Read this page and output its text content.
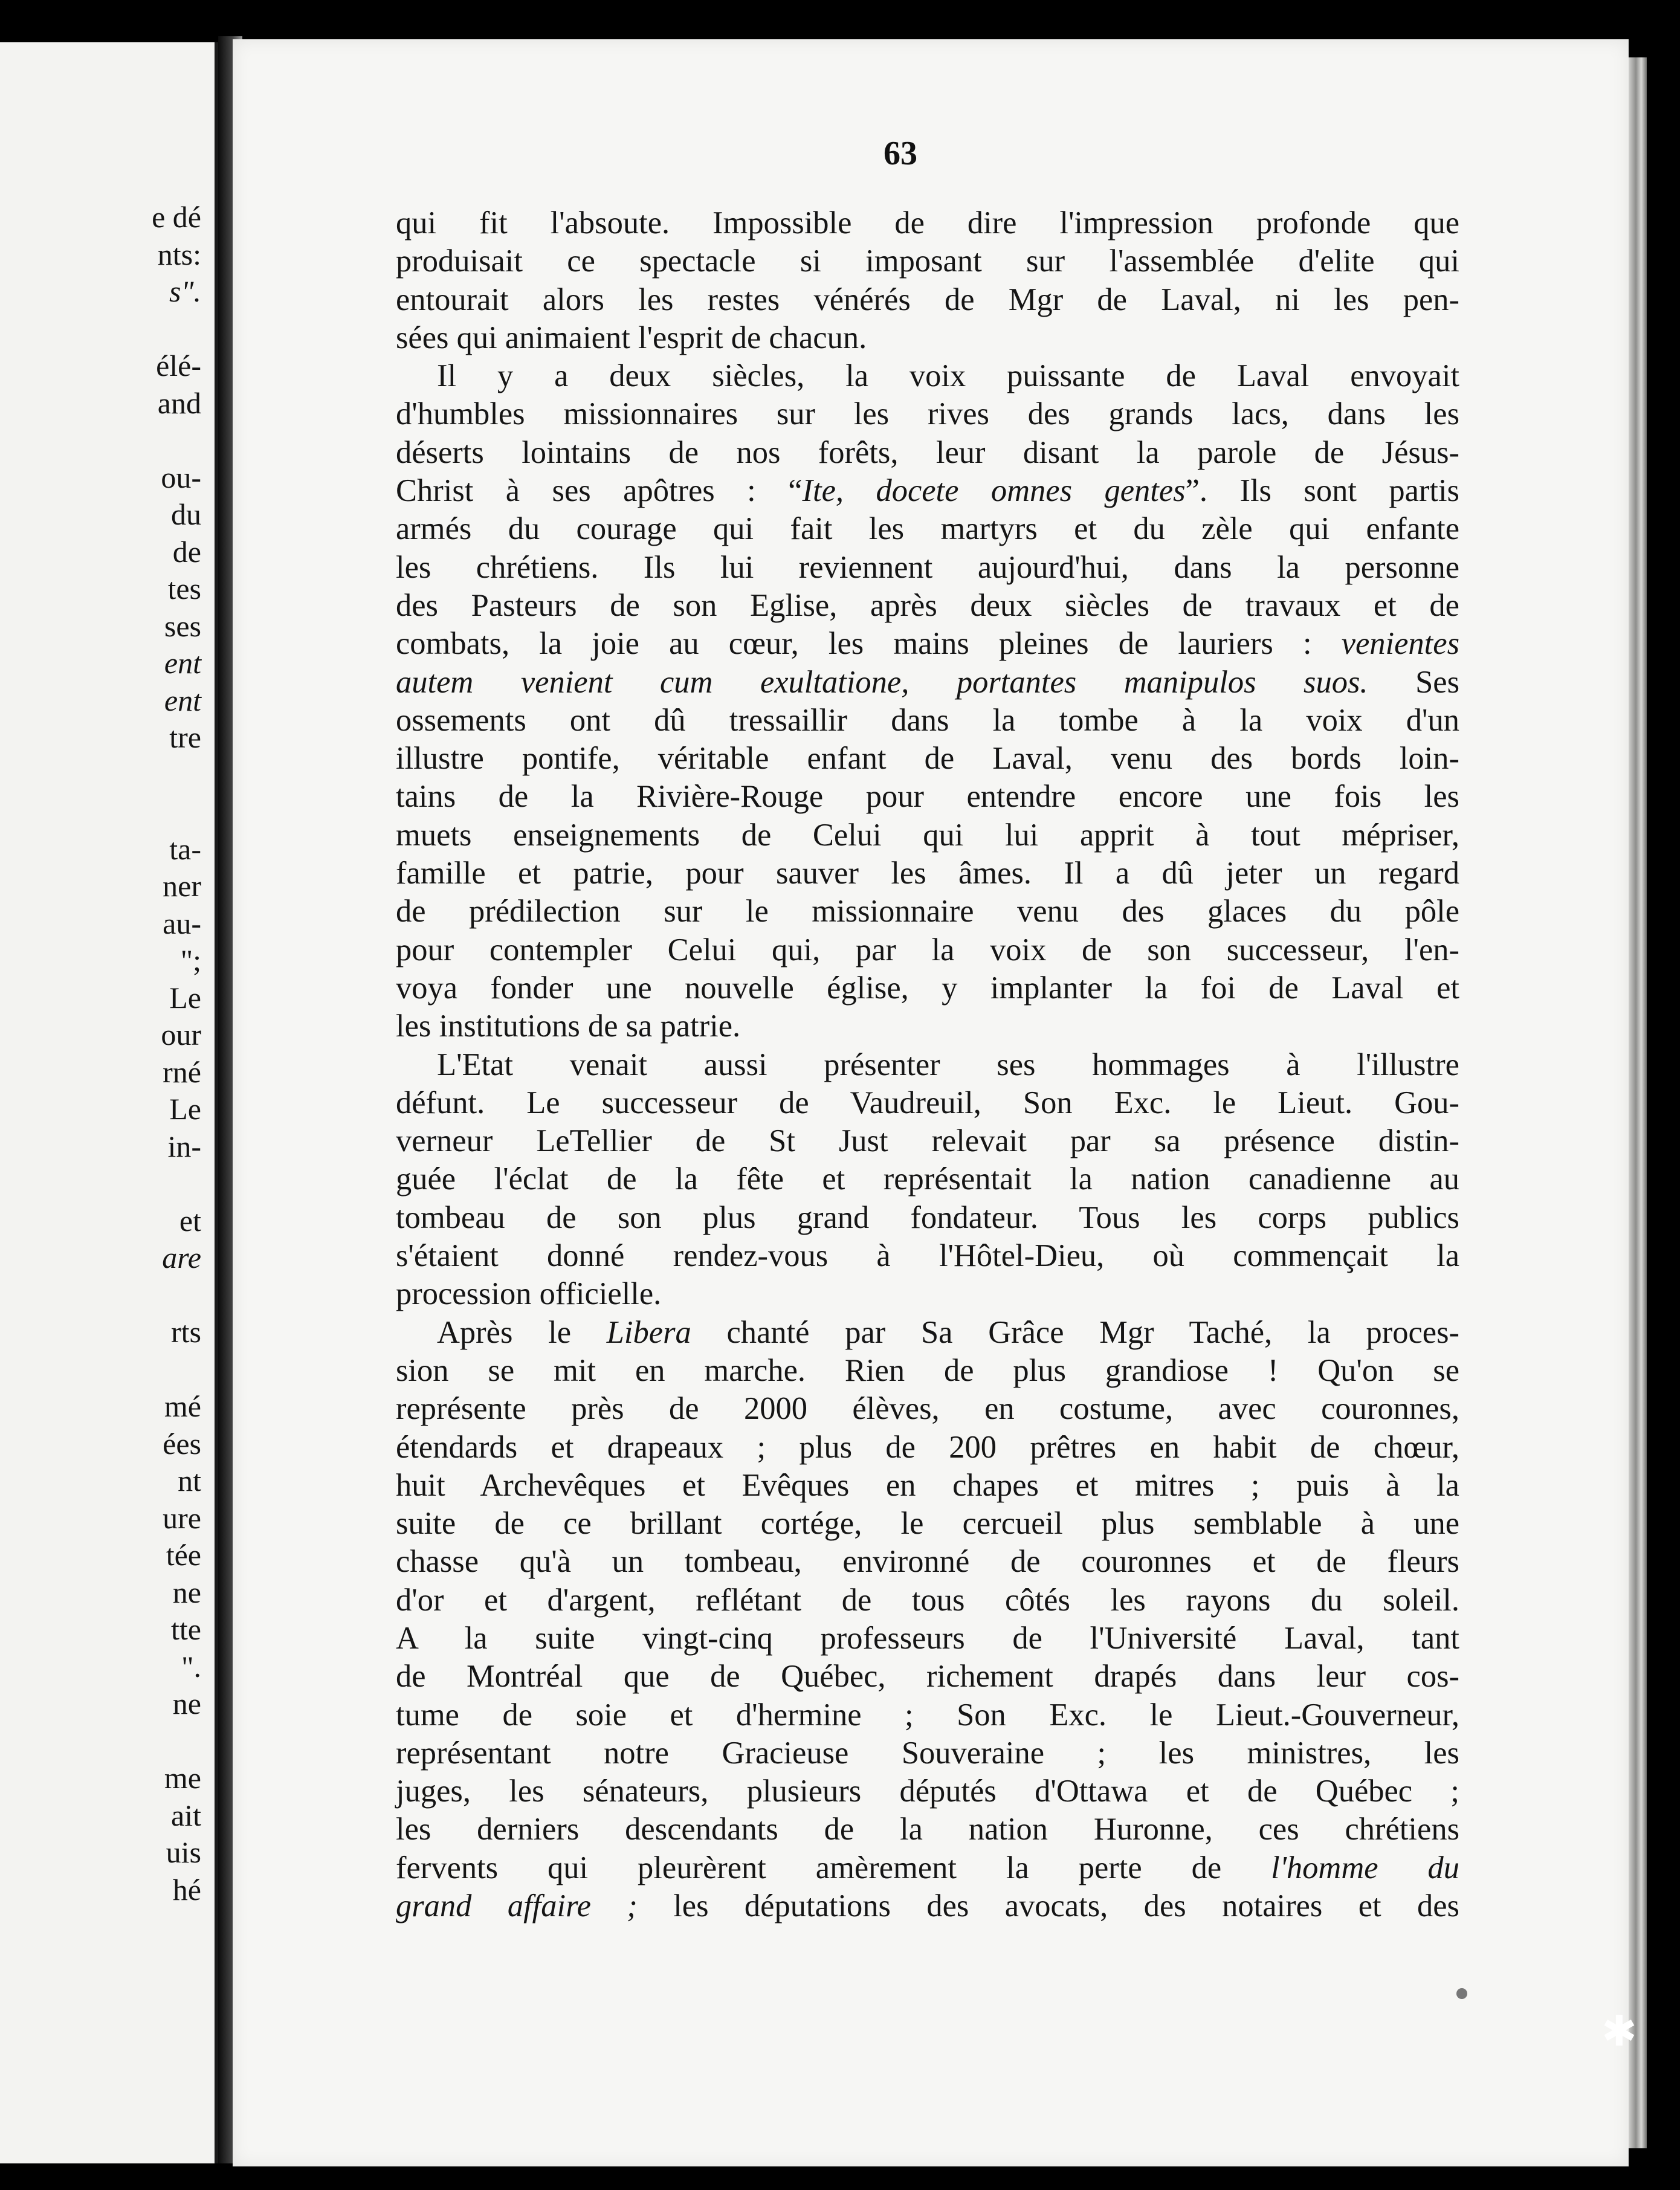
e dé
nts:
s".
élé-
and
ou-
du
de
tes
ses
ent
ent
tre
ta-
ner
au-
";
Le
our
rné
Le
in-
et
are
rts
mé
ées
nt
ure
tée
ne
tte
".
ne
me
ait
uis
hé
63
qui fit l'absoute. Impossible de dire l'impression profonde que
produisait ce spectacle si imposant sur l'assemblée d'elite qui
entourait alors les restes vénérés de Mgr de Laval, ni les pen-
sées qui animaient l'esprit de chacun.
Il y a deux siècles, la voix puissante de Laval envoyait
d'humbles missionnaires sur les rives des grands lacs, dans les
déserts lointains de nos forêts, leur disant la parole de Jésus-
Christ à ses apôtres : “Ite, docete omnes gentes”. Ils sont partis
armés du courage qui fait les martyrs et du zèle qui enfante
les chrétiens. Ils lui reviennent aujourd'hui, dans la personne
des Pasteurs de son Eglise, après deux siècles de travaux et de
combats, la joie au cœur, les mains pleines de lauriers : venientes
autem venient cum exultatione, portantes manipulos suos. Ses
ossements ont dû tressaillir dans la tombe à la voix d'un
illustre pontife, véritable enfant de Laval, venu des bords loin-
tains de la Rivière-Rouge pour entendre encore une fois les
muets enseignements de Celui qui lui apprit à tout mépriser,
famille et patrie, pour sauver les âmes. Il a dû jeter un regard
de prédilection sur le missionnaire venu des glaces du pôle
pour contempler Celui qui, par la voix de son successeur, l'en-
voya fonder une nouvelle église, y implanter la foi de Laval et
les institutions de sa patrie.
L'Etat venait aussi présenter ses hommages à l'illustre
défunt. Le successeur de Vaudreuil, Son Exc. le Lieut. Gou-
verneur LeTellier de St Just relevait par sa présence distin-
guée l'éclat de la fête et représentait la nation canadienne au
tombeau de son plus grand fondateur. Tous les corps publics
s'étaient donné rendez-vous à l'Hôtel-Dieu, où commençait la
procession officielle.
Après le Libera chanté par Sa Grâce Mgr Taché, la proces-
sion se mit en marche. Rien de plus grandiose ! Qu'on se
représente près de 2000 élèves, en costume, avec couronnes,
étendards et drapeaux ; plus de 200 prêtres en habit de chœur,
huit Archevêques et Evêques en chapes et mitres ; puis à la
suite de ce brillant cortége, le cercueil plus semblable à une
chasse qu'à un tombeau, environné de couronnes et de fleurs
d'or et d'argent, reflétant de tous côtés les rayons du soleil.
A la suite vingt-cinq professeurs de l'Université Laval, tant
de Montréal que de Québec, richement drapés dans leur cos-
tume de soie et d'hermine ; Son Exc. le Lieut.-Gouverneur,
représentant notre Gracieuse Souveraine ; les ministres, les
juges, les sénateurs, plusieurs députés d'Ottawa et de Québec ;
les derniers descendants de la nation Huronne, ces chrétiens
fervents qui pleurèrent amèrement la perte de l'homme du
grand affaire ; les députations des avocats, des notaires et des
✱
